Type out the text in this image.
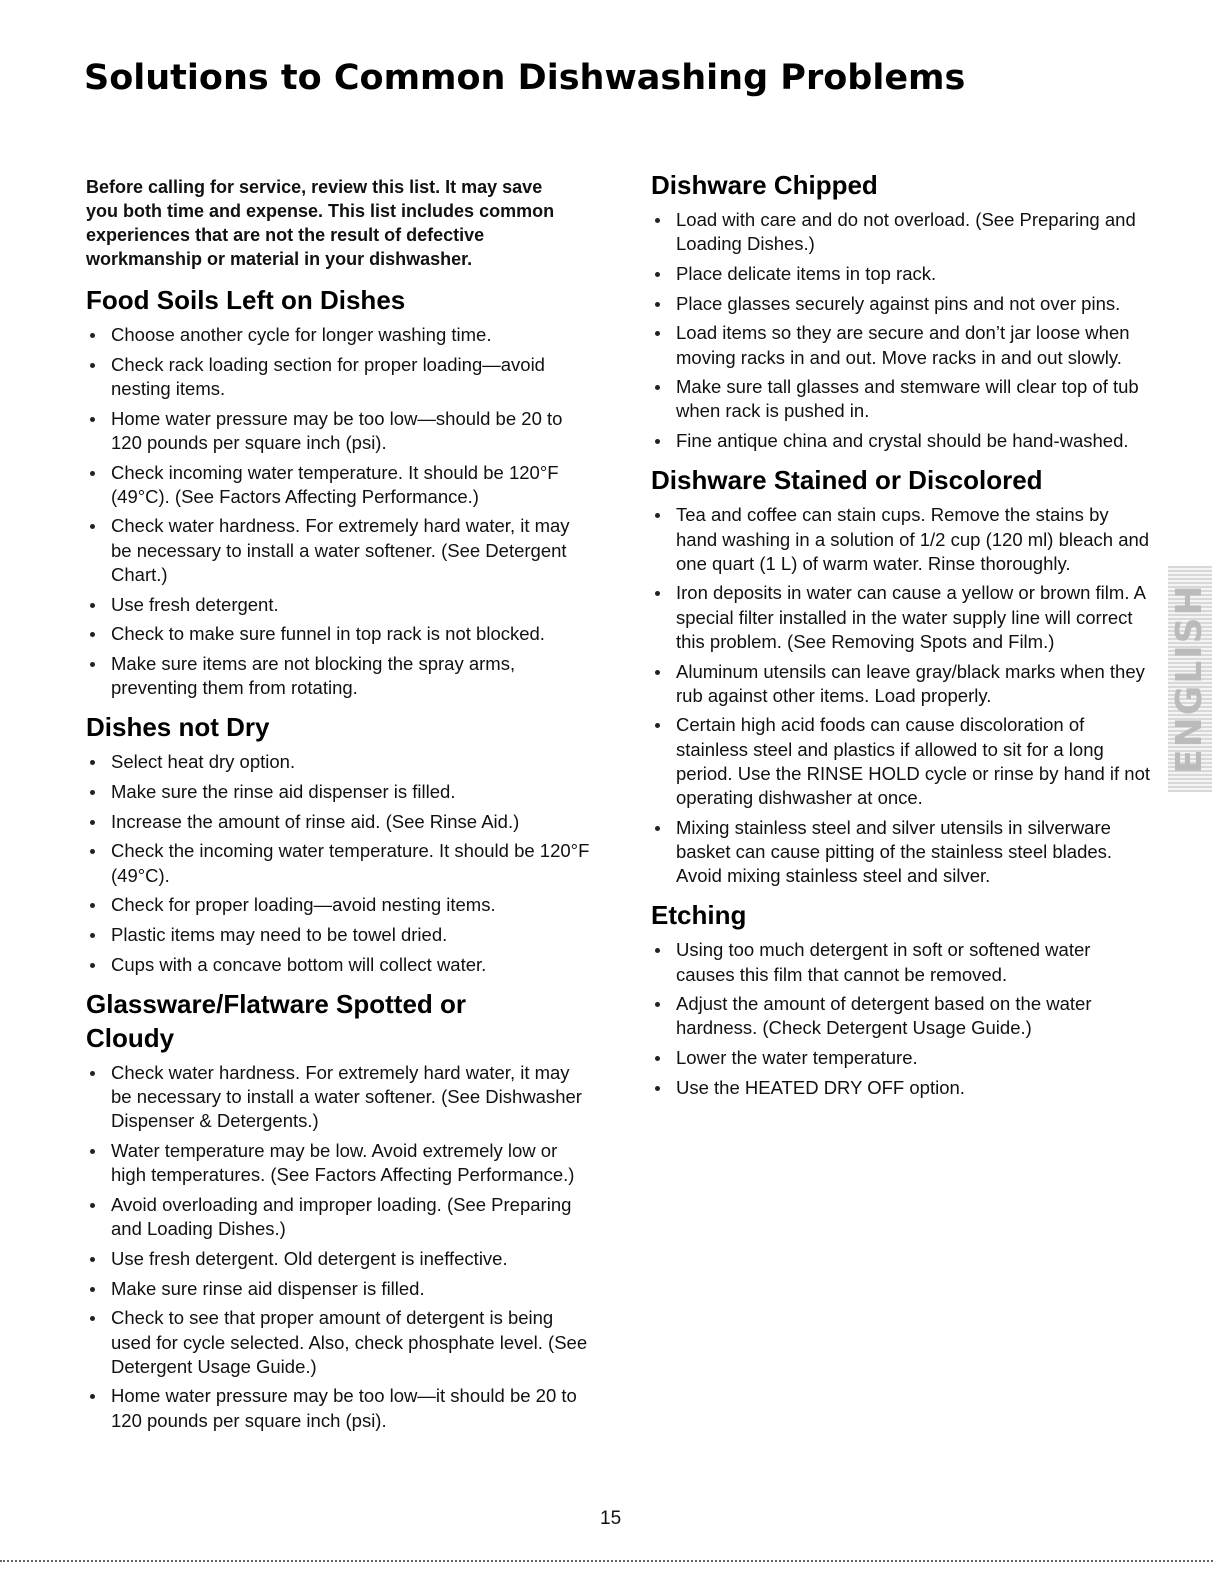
Solutions to Common Dishwashing Problems

Before calling for service, review this list. It may save you both time and expense. This list includes common experiences that are not the result of defective workmanship or material in your dishwasher.

Food Soils Left on Dishes
Choose another cycle for longer washing time.
Check rack loading section for proper loading—avoid nesting items.
Home water pressure may be too low—should be 20 to 120 pounds per square inch (psi).
Check incoming water temperature. It should be 120°F (49°C). (See Factors Affecting Performance.)
Check water hardness. For extremely hard water, it may be necessary to install a water softener. (See Detergent Chart.)
Use fresh detergent.
Check to make sure funnel in top rack is not blocked.
Make sure items are not blocking the spray arms, preventing them from rotating.
Dishes not Dry
Select heat dry option.
Make sure the rinse aid dispenser is filled.
Increase the amount of rinse aid. (See Rinse Aid.)
Check the incoming water temperature. It should be 120°F (49°C).
Check for proper loading—avoid nesting items.
Plastic items may need to be towel dried.
Cups with a concave bottom will collect water.
Glassware/Flatware Spotted or Cloudy
Check water hardness. For extremely hard water, it may be necessary to install a water softener. (See Dishwasher Dispenser & Detergents.)
Water temperature may be low. Avoid extremely low or high temperatures. (See Factors Affecting Performance.)
Avoid overloading and improper loading. (See Preparing and Loading Dishes.)
Use fresh detergent. Old detergent is ineffective.
Make sure rinse aid dispenser is filled.
Check to see that proper amount of detergent is being used for cycle selected. Also, check phosphate level. (See Detergent Usage Guide.)
Home water pressure may be too low—it should be 20 to 120 pounds per square inch (psi).
Dishware Chipped
Load with care and do not overload. (See Preparing and Loading Dishes.)
Place delicate items in top rack.
Place glasses securely against pins and not over pins.
Load items so they are secure and don’t jar loose when moving racks in and out. Move racks in and out slowly.
Make sure tall glasses and stemware will clear top of tub when rack is pushed in.
Fine antique china and crystal should be hand-washed.
Dishware Stained or Discolored
Tea and coffee can stain cups. Remove the stains by hand washing in a solution of 1/2 cup (120 ml) bleach and one quart (1 L) of warm water. Rinse thoroughly.
Iron deposits in water can cause a yellow or brown film. A special filter installed in the water supply line will correct this problem. (See Removing Spots and Film.)
Aluminum utensils can leave gray/black marks when they rub against other items. Load properly.
Certain high acid foods can cause discoloration of stainless steel and plastics if allowed to sit for a long period. Use the RINSE HOLD cycle or rinse by hand if not operating dishwasher at once.
Mixing stainless steel and silver utensils in silverware basket can cause pitting of the stainless steel blades. Avoid mixing stainless steel and silver.
Etching
Using too much detergent in soft or softened water causes this film that cannot be removed.
Adjust the amount of detergent based on the water hardness. (Check Detergent Usage Guide.)
Lower the water temperature.
Use the HEATED DRY OFF option.
ENGLISH
15
